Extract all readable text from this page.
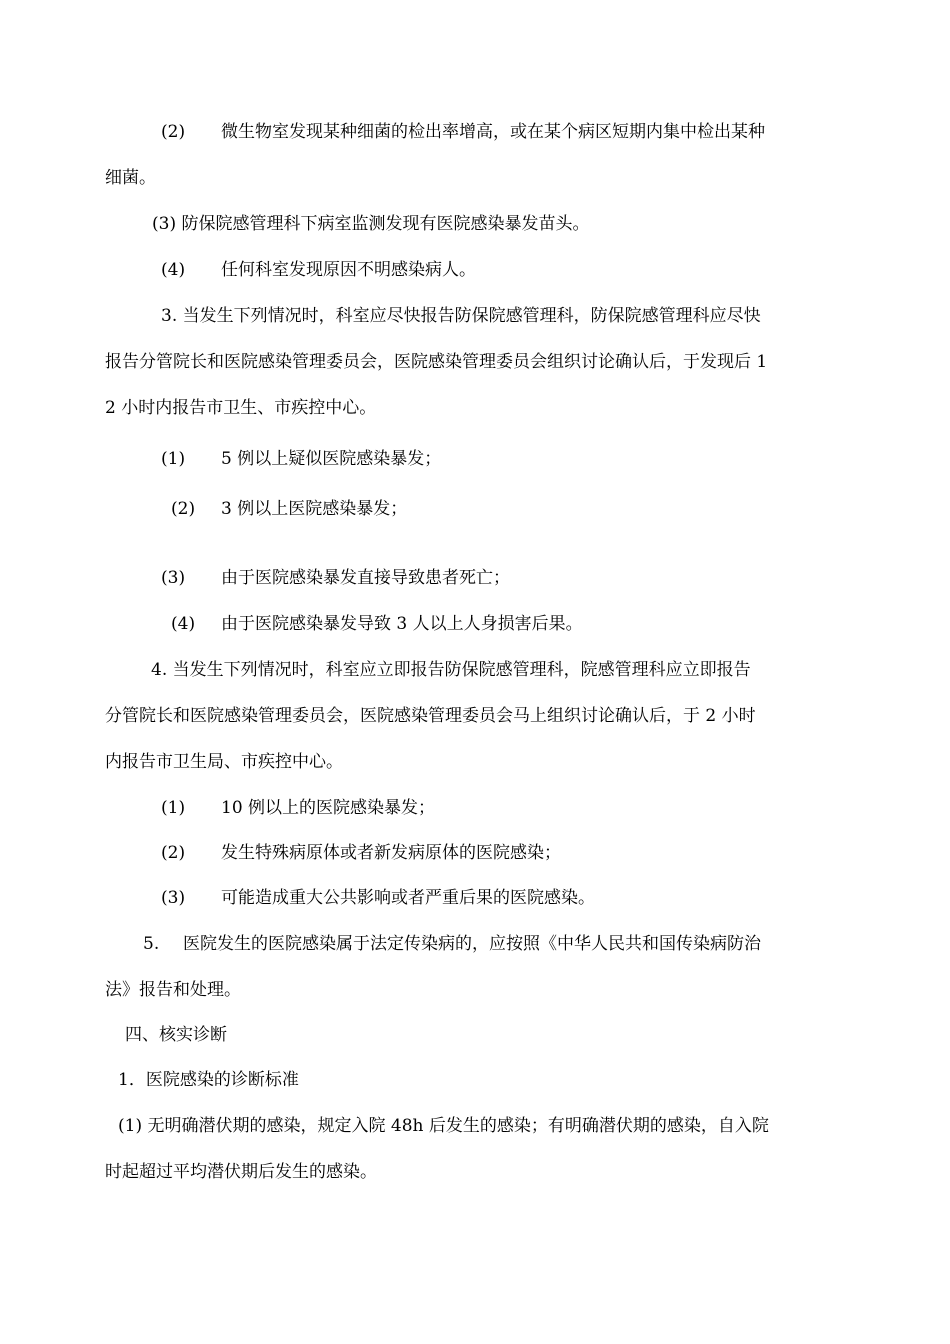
(2) 微生物室发现某种细菌的检出率增高，或在某个病区短期内集中检出某种
细菌。
(3) 防保院感管理科下病室监测发现有医院感染暴发苗头。
(4) 任何科室发现原因不明感染病人。
3. 当发生下列情况时，科室应尽快报告防保院感管理科，防保院感管理科应尽快
报告分管院长和医院感染管理委员会，医院感染管理委员会组织讨论确认后，于发现后 1
2 小时内报告市卫生、市疾控中心。
(1) 5 例以上疑似医院感染暴发；
(2) 3 例以上医院感染暴发；
(3) 由于医院感染暴发直接导致患者死亡；
(4) 由于医院感染暴发导致 3 人以上人身损害后果。
4. 当发生下列情况时，科室应立即报告防保院感管理科，院感管理科应立即报告
分管院长和医院感染管理委员会，医院感染管理委员会马上组织讨论确认后，于 2 小时
内报告市卫生局、市疾控中心。
(1) 10 例以上的医院感染暴发；
(2) 发生特殊病原体或者新发病原体的医院感染；
(3) 可能造成重大公共影响或者严重后果的医院感染。
5. 医院发生的医院感染属于法定传染病的，应按照《中华人民共和国传染病防治
法》报告和处理。
四、核实诊断
1．医院感染的诊断标准
(1) 无明确潜伏期的感染，规定入院 48h 后发生的感染；有明确潜伏期的感染，自入院
时起超过平均潜伏期后发生的感染。
